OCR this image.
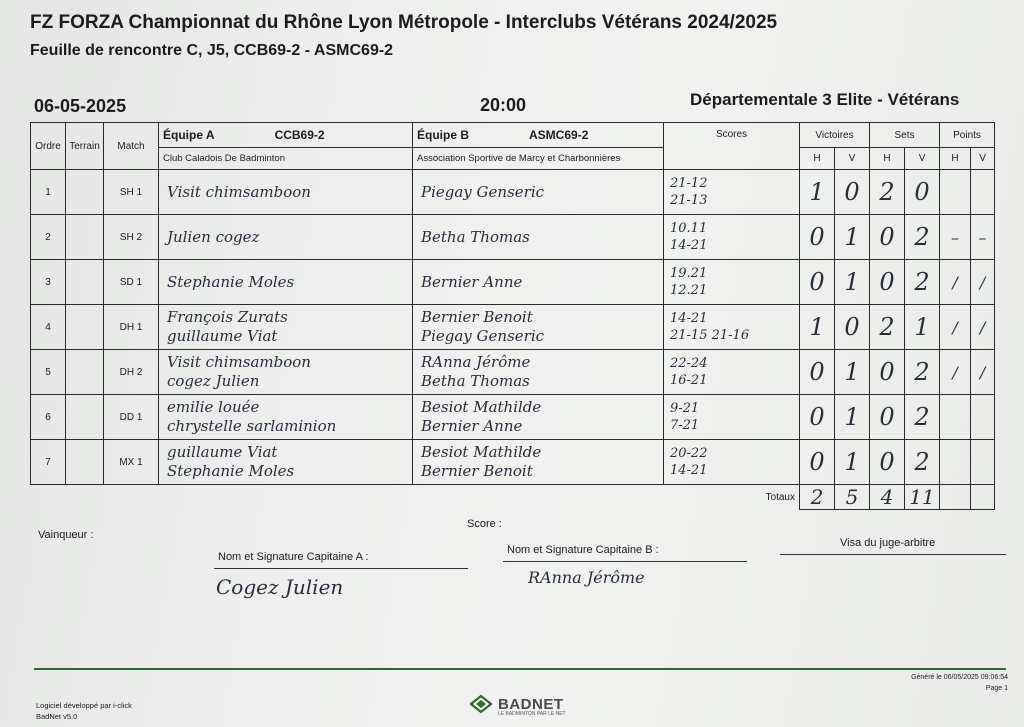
FZ FORZA Championnat du Rhône Lyon Métropole - Interclubs Vétérans 2024/2025
Feuille de rencontre C, J5, CCB69-2 - ASMC69-2
06-05-2025	20:00	Départementale 3 Elite - Vétérans
Ordre	Terrain	Match	Équipe A CCB69-2	Équipe B ASMC69-2	Scores	Victoires		Sets		Points	
			Club Caladois De Badminton	Association Sportive de Marcy et Charbonnières		H	V	H	V	H	V
1		SH 1	Visit chimsamboon	Piegay Genseric	21-12
21-13	1	0	2	0		
2		SH 2	Julien cogez	Betha Thomas	10.11
14-21	0	1	0	2	–	–
3		SD 1	Stephanie Moles	Bernier Anne	19.21
12.21	0	1	0	2	/	/
4		DH 1	François Zurats
guillaume Viat	Bernier Benoit
Piegay Genseric	14-21
21-15 21-16	1	0	2	1	/	/
5		DH 2	Visit chimsamboon
cogez Julien	RAnna Jérôme
Betha Thomas	22-24
16-21	0	1	0	2	/	/
6		DD 1	emilie louée
chrystelle sarlaminion	Besiot Mathilde
Bernier Anne	9-21
7-21	0	1	0	2		
7		MX 1	guillaume Viat
Stephanie Moles	Besiot Mathilde
Bernier Benoit	20-22
14-21	0	1	0	2		
Totaux						2	5	4	11		
Vainqueur :
Score :
Nom et Signature Capitaine A :
Cogez Julien
Nom et Signature Capitaine B :
RAnna Jérôme
Visa du juge-arbitre
Logiciel développé par i-click
BadNet v5.0
BADNET
LE BADMINTON PAR LE NET
Généré le 06/05/2025 09:06:54
Page 1
